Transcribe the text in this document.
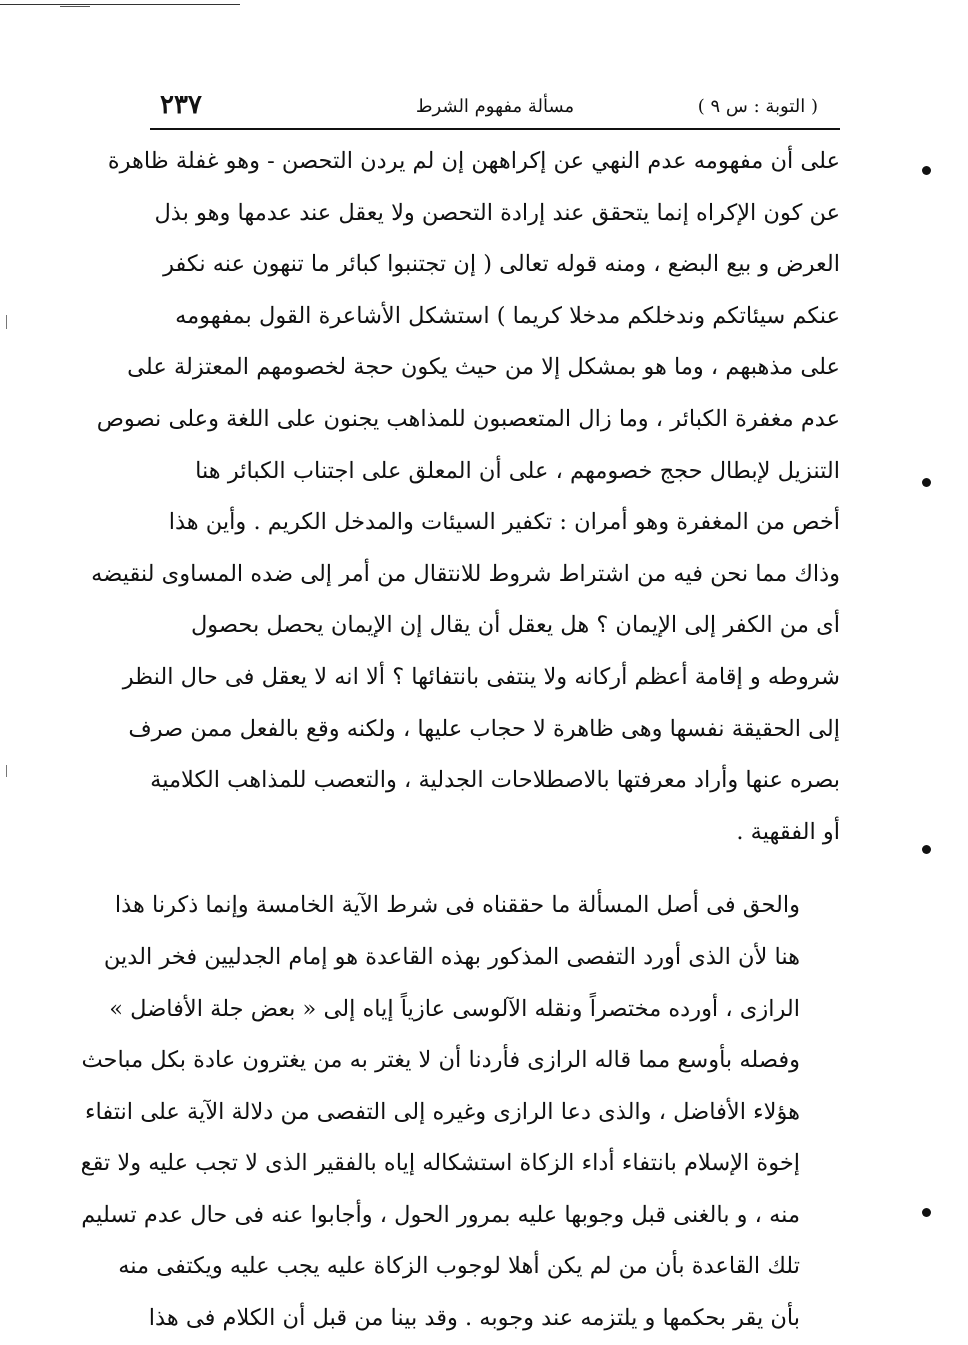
( التوبة : س ٩ )
مسألة مفهوم الشرط
٢٣٧

على أن مفهومه عدم النهي عن إكراههن إن لم يردن التحصن - وهو غفلة ظاهرة
عن كون الإكراه إنما يتحقق عند إرادة التحصن ولا يعقل عند عدمها وهو بذل
العرض و بيع البضع ، ومنه قوله تعالى ( إن تجتنبوا كبائر ما تنهون عنه نكفر
عنكم سيئاتكم وندخلكم مدخلا كريما ) استشكل الأشاعرة القول بمفهومه
على مذهبهم ، وما هو بمشكل إلا من حيث يكون حجة لخصومهم المعتزلة على
عدم مغفرة الكبائر ، وما زال المتعصبون للمذاهب يجنون على اللغة وعلى نصوص
التنزيل لإبطال حجج خصومهم ، على أن المعلق على اجتناب الكبائر هنا
أخص من المغفرة وهو أمران : تكفير السيئات والمدخل الكريم . وأين هذا
وذاك مما نحن فيه من اشتراط شروط للانتقال من أمر إلى ضده المساوى لنقيضه
أى من الكفر إلى الإيمان ؟ هل يعقل أن يقال إن الإيمان يحصل بحصول
شروطه و إقامة أعظم أركانه ولا ينتفى بانتفائها ؟ ألا انه لا يعقل فى حال النظر
إلى الحقيقة نفسها وهى ظاهرة لا حجاب عليها ، ولكنه وقع بالفعل ممن صرف
بصره عنها وأراد معرفتها بالاصطلاحات الجدلية ، والتعصب للمذاهب الكلامية
أو الفقهية .

والحق فى أصل المسألة ما حققناه فى شرط الآية الخامسة وإنما ذكرنا هذا
هنا لأن الذى أورد التفصى المذكور بهذه القاعدة هو إمام الجدليين فخر الدين
الرازى ، أورده مختصراً ونقله الآلوسى عازياً إياه إلى « بعض جلة الأفاضل »
وفصله بأوسع مما قاله الرازى فأردنا أن لا يغتر به من يغترون عادة بكل مباحث
هؤلاء الأفاضل ، والذى دعا الرازى وغيره إلى التفصى من دلالة الآية على انتفاء
إخوة الإسلام بانتفاء أداء الزكاة استشكاله إياه بالفقير الذى لا تجب عليه ولا تقع
منه ، و بالغنى قبل وجوبها عليه بمرور الحول ، وأجابوا عنه فى حال عدم تسليم
تلك القاعدة بأن من لم يكن أهلا لوجوب الزكاة عليه يجب عليه ويكتفى منه
بأن يقر بحكمها و يلتزمه عند وجوبه . وقد بينا من قبل أن الكلام فى هذا
